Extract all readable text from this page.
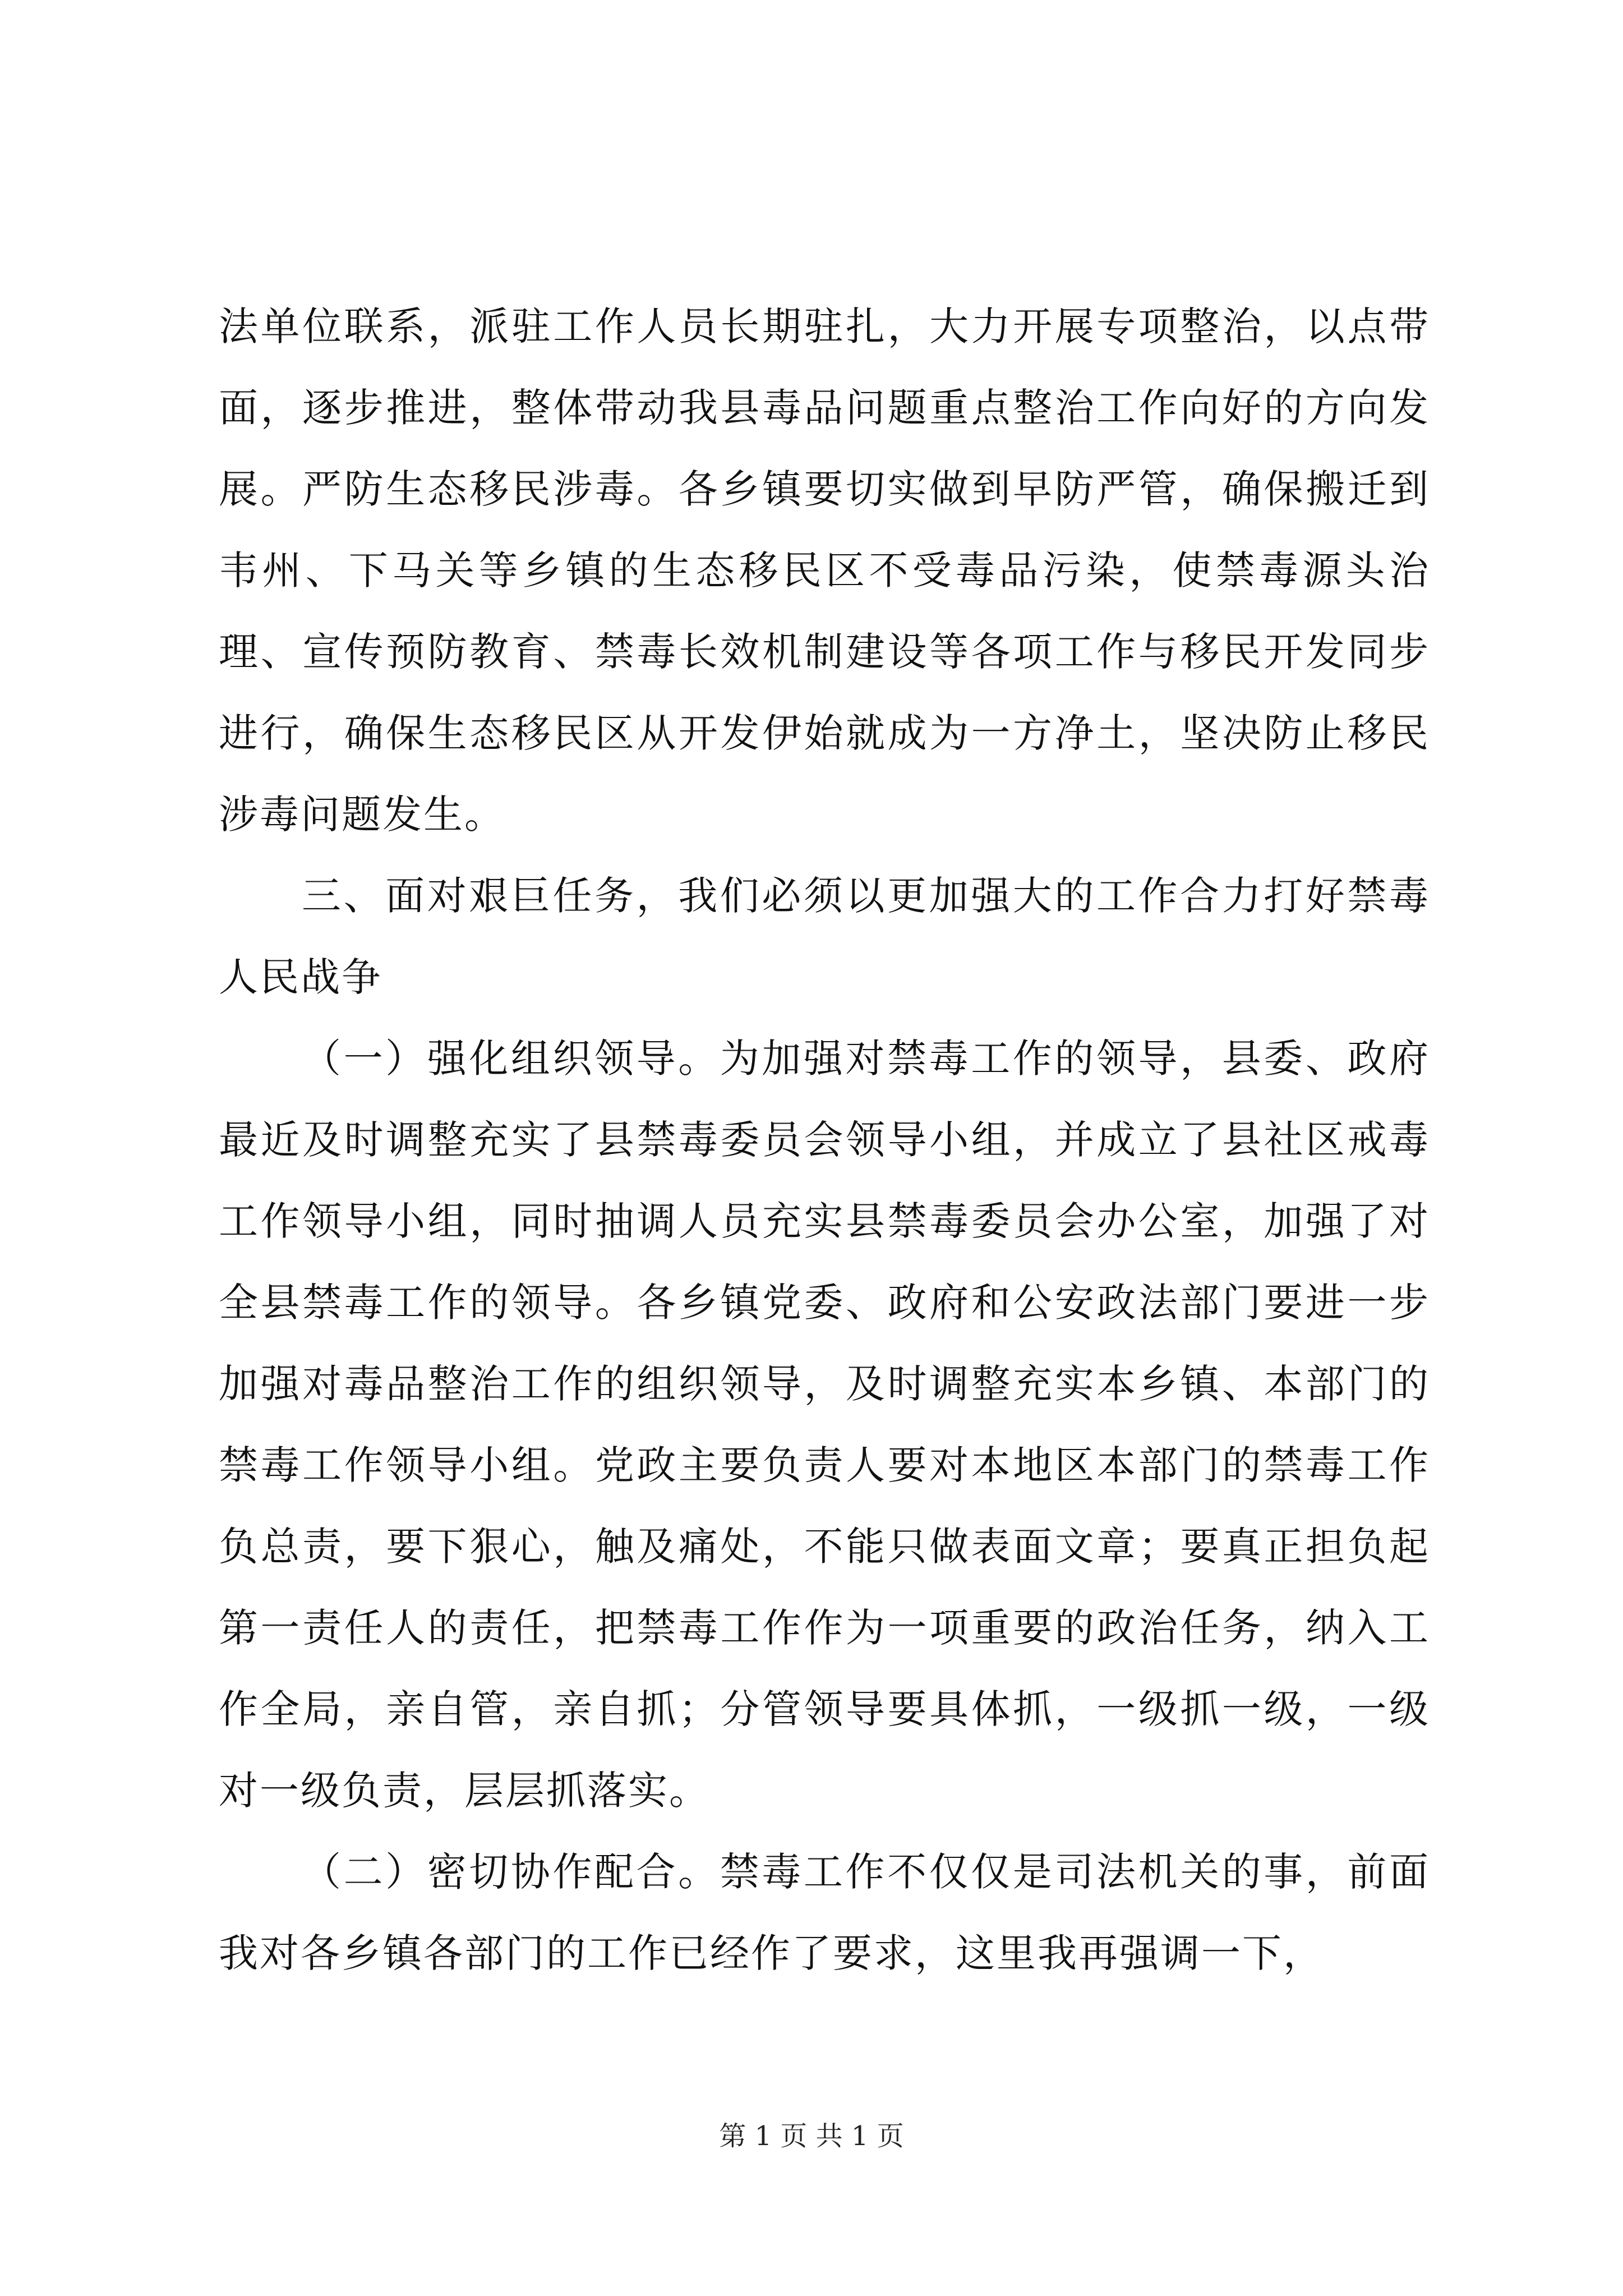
法单位联系，派驻工作人员长期驻扎，大力开展专项整治，以点带面，逐步推进，整体带动我县毒品问题重点整治工作向好的方向发展。严防生态移民涉毒。各乡镇要切实做到早防严管，确保搬迁到韦州、下马关等乡镇的生态移民区不受毒品污染，使禁毒源头治理、宣传预防教育、禁毒长效机制建设等各项工作与移民开发同步进行，确保生态移民区从开发伊始就成为一方净土，坚决防止移民涉毒问题发生。

三、面对艰巨任务，我们必须以更加强大的工作合力打好禁毒人民战争

（一）强化组织领导。为加强对禁毒工作的领导，县委、政府最近及时调整充实了县禁毒委员会领导小组，并成立了县社区戒毒工作领导小组，同时抽调人员充实县禁毒委员会办公室，加强了对全县禁毒工作的领导。各乡镇党委、政府和公安政法部门要进一步加强对毒品整治工作的组织领导，及时调整充实本乡镇、本部门的禁毒工作领导小组。党政主要负责人要对本地区本部门的禁毒工作负总责，要下狠心，触及痛处，不能只做表面文章；要真正担负起第一责任人的责任，把禁毒工作作为一项重要的政治任务，纳入工作全局，亲自管，亲自抓；分管领导要具体抓，一级抓一级，一级对一级负责，层层抓落实。

（二）密切协作配合。禁毒工作不仅仅是司法机关的事，前面我对各乡镇各部门的工作已经作了要求，这里我再强调一下，

第 1 页 共 1 页
